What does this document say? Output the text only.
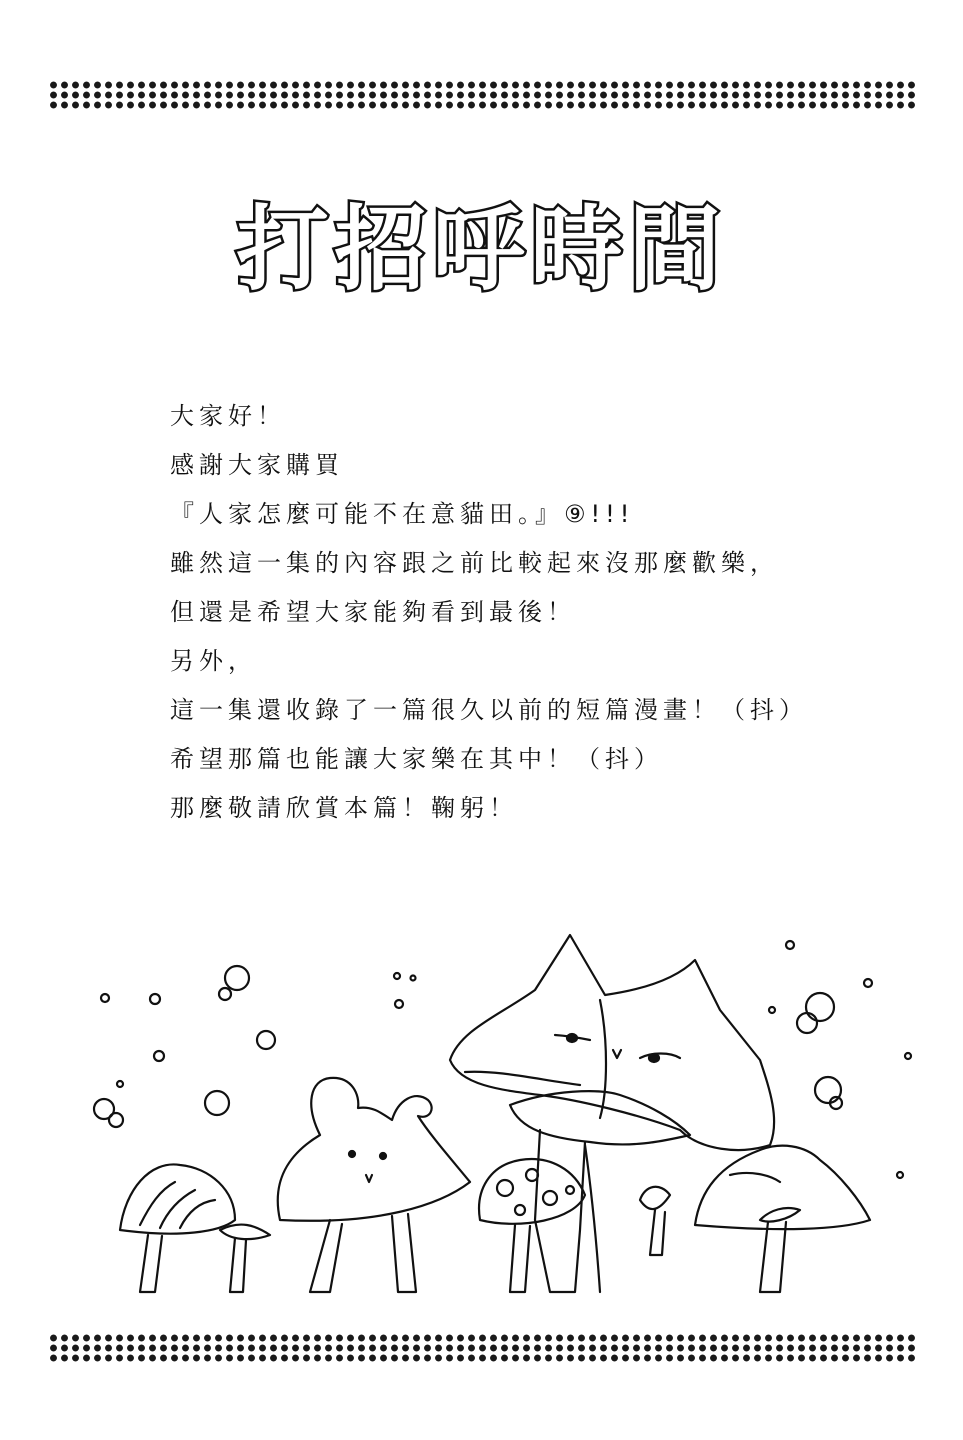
打招呼時間
大家好！
感謝大家購買
『人家怎麼可能不在意貓田。』⑨!!!
雖然這一集的內容跟之前比較起來沒那麼歡樂，
但還是希望大家能夠看到最後！
另外，
這一集還收錄了一篇很久以前的短篇漫畫！（抖）
希望那篇也能讓大家樂在其中！（抖）
那麼敬請欣賞本篇！鞠躬！
